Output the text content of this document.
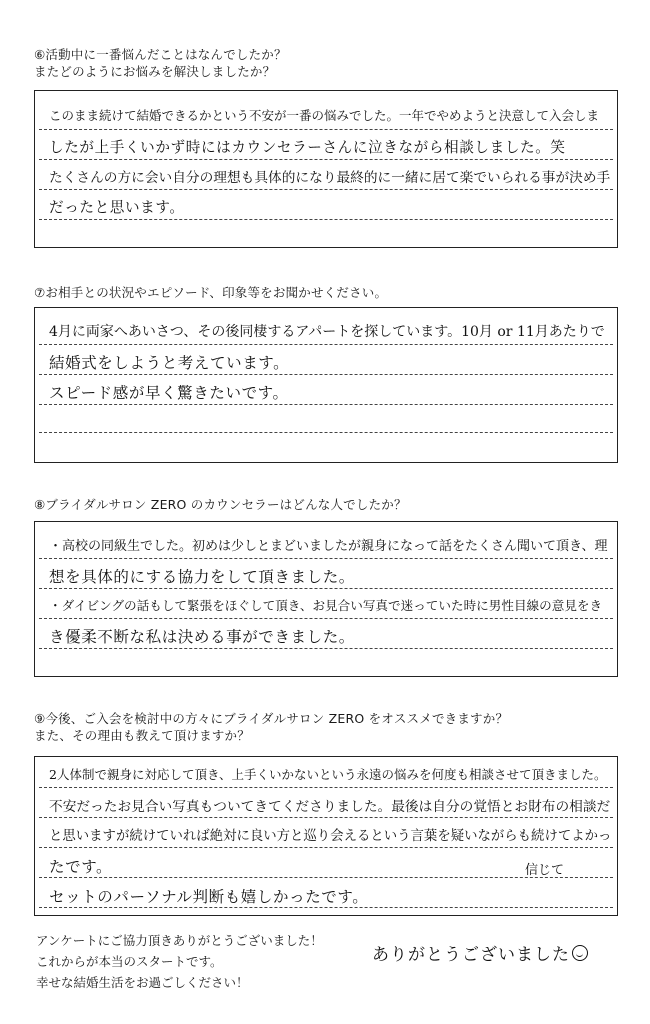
⑥活動中に一番悩んだことはなんでしたか？
またどのようにお悩みを解決しましたか？
このまま続けて結婚できるかという不安が一番の悩みでした。一年でやめようと決意して入会しま
したが上手くいかず時にはカウンセラーさんに泣きながら相談しました。笑
たくさんの方に会い自分の理想も具体的になり最終的に一緒に居て楽でいられる事が決め手
だったと思います。
⑦お相手との状況やエピソード、印象等をお聞かせください。
4月に両家へあいさつ、その後同棲するアパートを探しています。10月 or 11月あたりで
結婚式をしようと考えています。
スピード感が早く驚きたいです。
⑧ブライダルサロン ZERO のカウンセラーはどんな人でしたか？
・高校の同級生でした。初めは少しとまどいましたが親身になって話をたくさん聞いて頂き、理
想を具体的にする協力をして頂きました。
・ダイビングの話もして緊張をほぐして頂き、お見合い写真で迷っていた時に男性目線の意見をき
き優柔不断な私は決める事ができました。
⑨今後、ご入会を検討中の方々にブライダルサロン ZERO をオススメできますか？
また、その理由も教えて頂けますか？
2人体制で親身に対応して頂き、上手くいかないという永遠の悩みを何度も相談させて頂きました。
不安だったお見合い写真もついてきてくださりました。最後は自分の覚悟とお財布の相談だ
と思いますが続けていれば絶対に良い方と巡り会えるという言葉を疑いながらも続けてよかっ
たです。	信じて
セットのパーソナル判断も嬉しかったです。
アンケートにご協力頂きありがとうございました！
これからが本当のスタートです。
幸せな結婚生活をお過ごしください！
ありがとうございました
